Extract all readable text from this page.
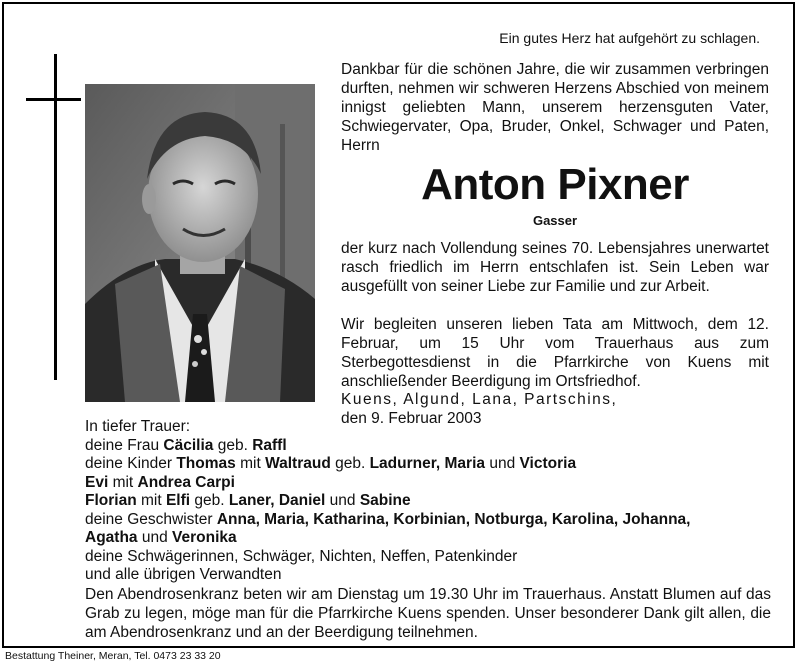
Ein gutes Herz hat aufgehört zu schlagen.
Dankbar für die schönen Jahre, die wir zusammen verbringen durften, nehmen wir schweren Herzens Abschied von meinem innigst geliebten Mann, unserem herzensguten Vater, Schwiegervater, Opa, Bruder, Onkel, Schwager und Paten, Herrn
Anton Pixner
Gasser
der kurz nach Vollendung seines 70. Lebensjahres unerwartet rasch friedlich im Herrn entschlafen ist. Sein Leben war ausgefüllt von seiner Liebe zur Familie und zur Arbeit.
Wir begleiten unseren lieben Tata am Mittwoch, dem 12. Februar, um 15 Uhr vom Trauerhaus aus zum Sterbegottesdienst in die Pfarrkirche von Kuens mit anschließender Beerdigung im Ortsfriedhof.
Kuens, Algund, Lana, Partschins,
den 9. Februar 2003
In tiefer Trauer:
deine Frau Cäcilia geb. Raffl
deine Kinder Thomas mit Waltraud geb. Ladurner, Maria und Victoria
Evi mit Andrea Carpi
Florian mit Elfi geb. Laner, Daniel und Sabine
deine Geschwister Anna, Maria, Katharina, Korbinian, Notburga, Karolina, Johanna,
Agatha und Veronika
deine Schwägerinnen, Schwäger, Nichten, Neffen, Patenkinder
und alle übrigen Verwandten
Den Abendrosenkranz beten wir am Dienstag um 19.30 Uhr im Trauerhaus. Anstatt Blumen auf das Grab zu legen, möge man für die Pfarrkirche Kuens spenden. Unser besonderer Dank gilt allen, die am Abendrosenkranz und an der Beerdigung teilnehmen.
Bestattung Theiner, Meran, Tel. 0473 23 33 20
